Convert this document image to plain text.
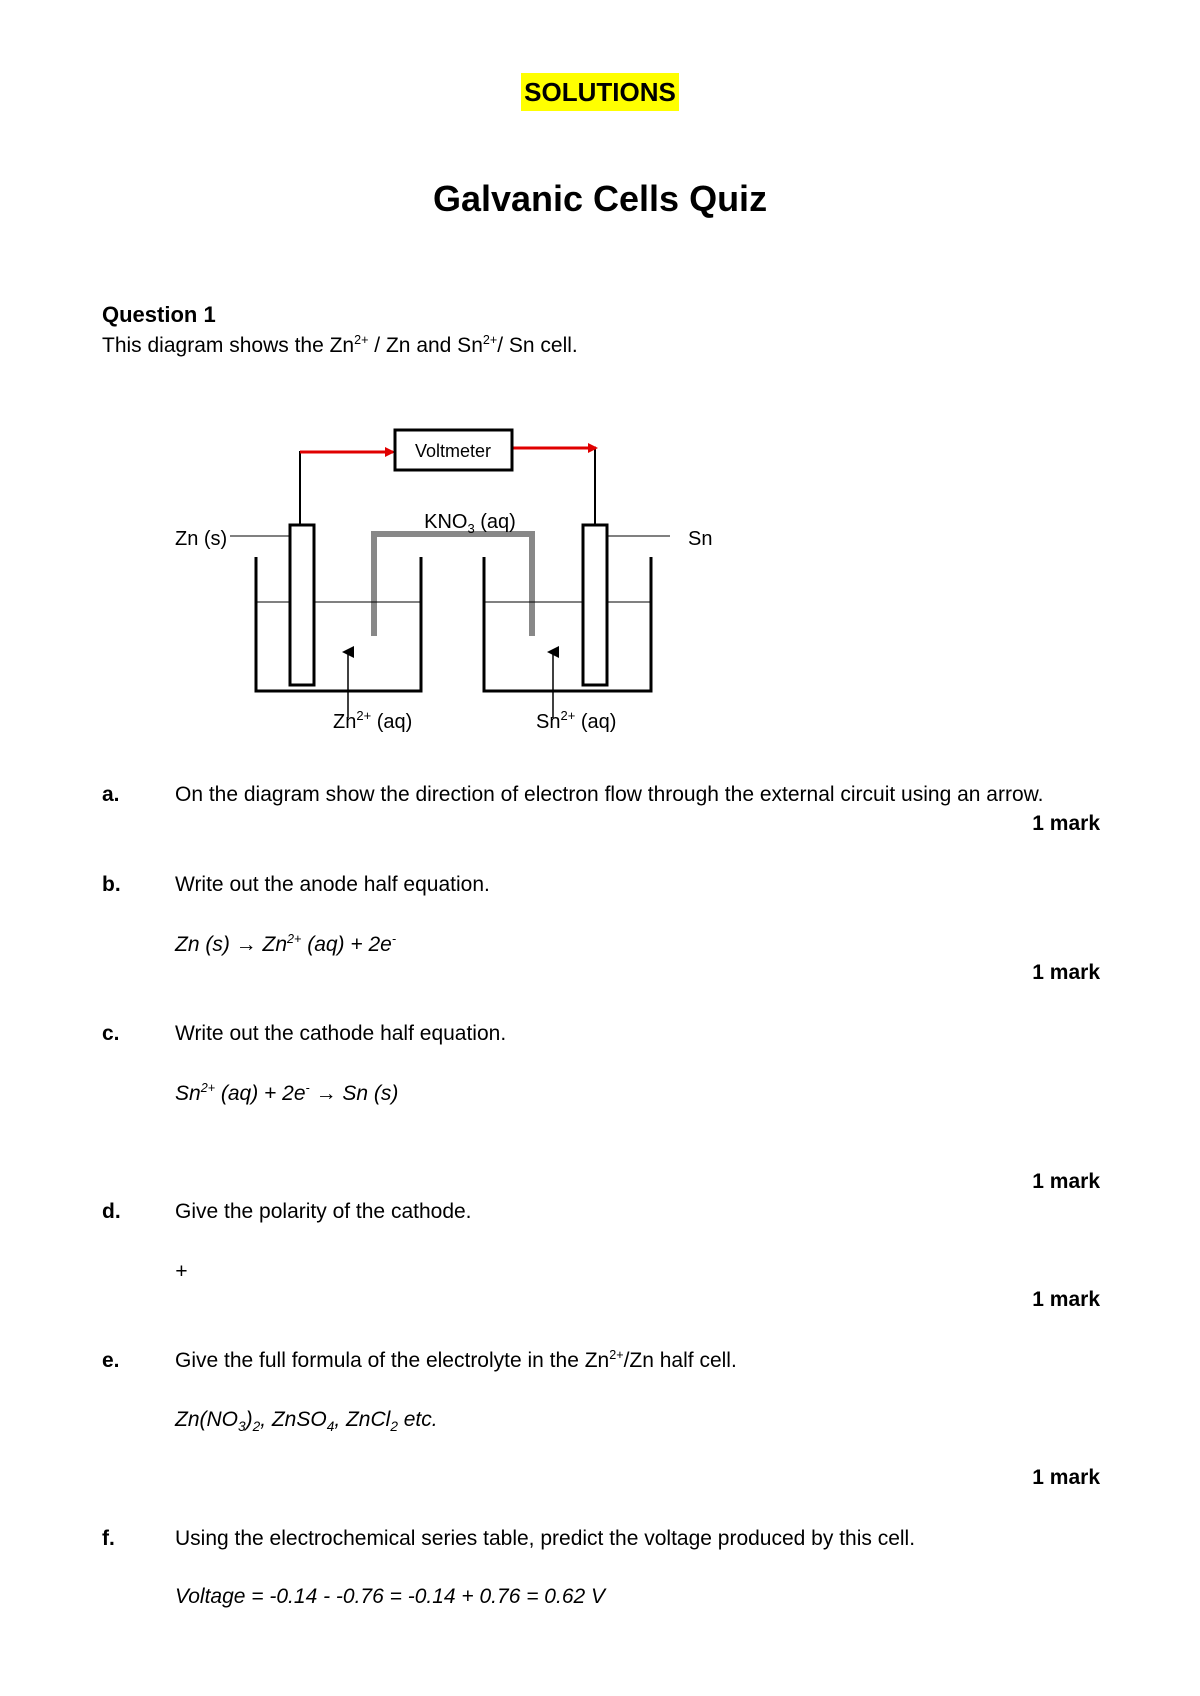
SOLUTIONS
Galvanic Cells Quiz
Question 1
This diagram shows the $Zn^{2+}$ / Zn and $Sn^{2+}/$ Sn cell.
Voltmeter
$KNO_3$ (aq)
Zn (s)	Sn
$Zn^{2+}$ (aq)	$Sn^{2+}$ (aq)
a.	On the diagram show the direction of electron flow through the external circuit using an arrow.
1 mark
b.	Write out the anode half equation.
Zn $(s) \to Zn^{2+}$ (aq) + 2e-
1 mark
c.	Write out the cathode half equation.
$Sn^{2+}$ (aq) + 2e- → Sn (s)
1 mark
d.	Give the polarity of the cathode.
+
1 mark
e.	Give the full formula of the electrolyte in the $Zn^{2+}/Zn$ half cell.
$Zn(NO_3)_2$, ZnSO$_4$, ZnCl$_2$ etc.
1 mark
f.	Using the electrochemical series table, predict the voltage produced by this cell.
Voltage = -0.14 - -0.76 = -0.14 + 0.76 = 0.62 V
